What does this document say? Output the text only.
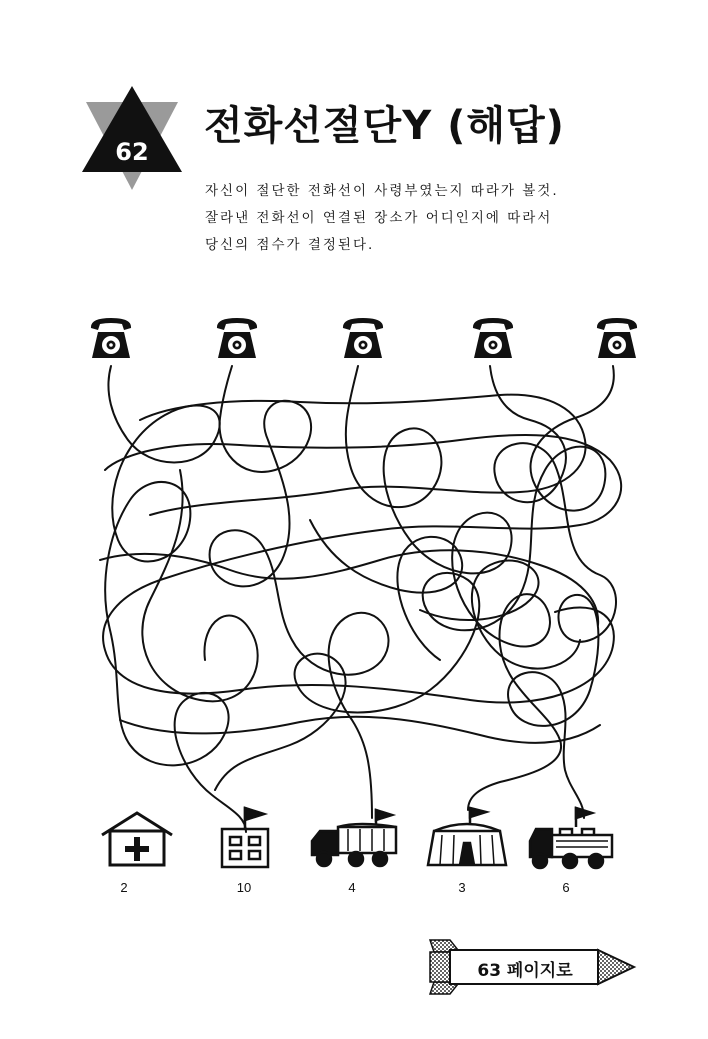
62
전화선절단Y (해답)
자신이 절단한 전화선이 사령부였는지 따라가 볼것.
잘라낸 전화선이 연결된 장소가 어디인지에 따라서
당신의 점수가 결정된다.
2	10	4	3	6
63 페이지로
